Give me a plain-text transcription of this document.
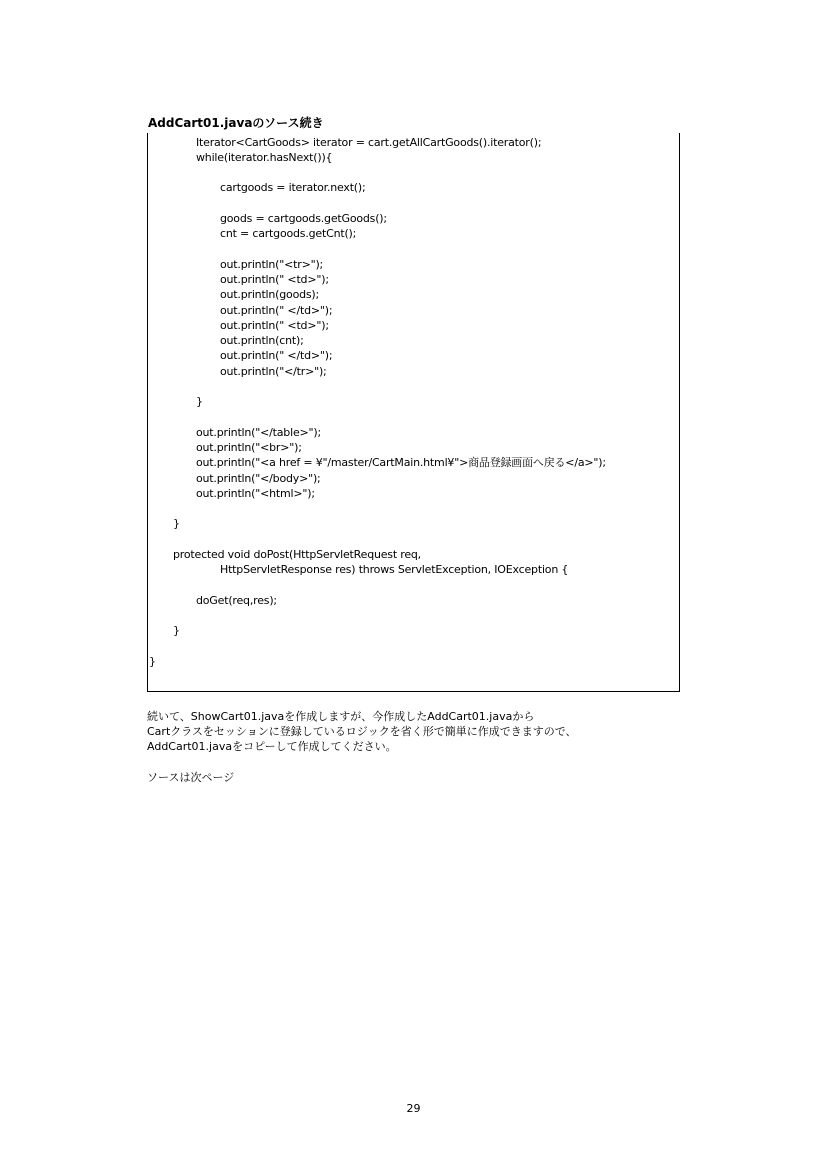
AddCart01.javaのソース続き
Iterator<CartGoods> iterator = cart.getAllCartGoods().iterator();
while(iterator.hasNext()){
cartgoods = iterator.next();
goods = cartgoods.getGoods();
cnt = cartgoods.getCnt();
out.println("<tr>");
out.println(" <td>");
out.println(goods);
out.println(" </td>");
out.println(" <td>");
out.println(cnt);
out.println(" </td>");
out.println("</tr>");
}
out.println("</table>");
out.println("<br>");
out.println("<a href = ¥"/master/CartMain.html¥">商品登録画面へ戻る</a>");
out.println("</body>");
out.println("<html>");
}
protected void doPost(HttpServletRequest req,
HttpServletResponse res) throws ServletException, IOException {
doGet(req,res);
}
}
続いて、ShowCart01.javaを作成しますが、今作成したAddCart01.javaから
Cartクラスをセッションに登録しているロジックを省く形で簡単に作成できますので、
AddCart01.javaをコピーして作成してください。
ソースは次ページ
29
